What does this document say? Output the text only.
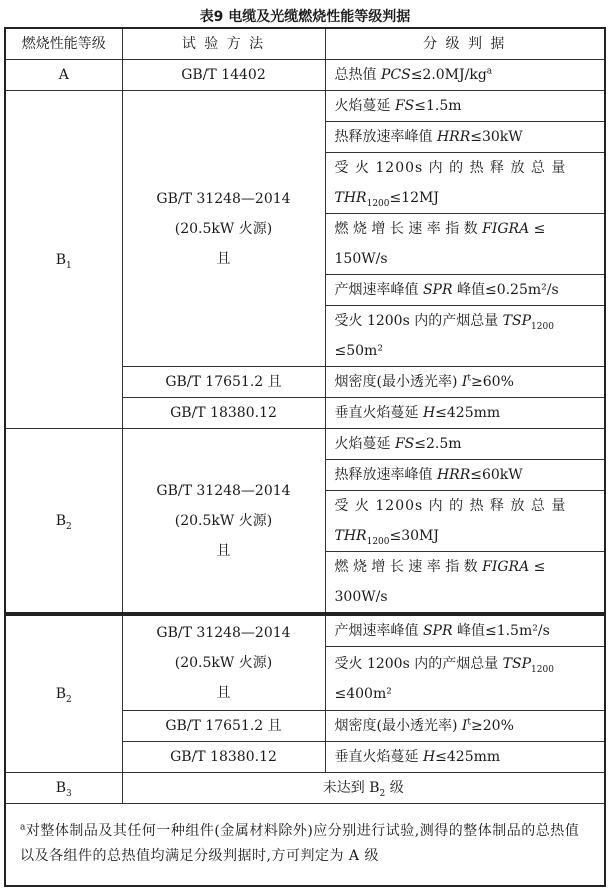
表9 电缆及光缆燃烧性能等级判据
燃烧性能等级	试 验 方 法	分 级 判 据
A	GB/T 14402	总热值 $PCS\le 2.0MJ/kg^a$
$B_1$	GB/T 31248—2014
(20.5kW 火源)
且	火焰蔓延 FS≤1.5m
		热释放速率峰值 HRR≤30kW

		受 火 1200s 内 的 热 释 放 总 量
$THR_{1200}\le 12MJ$

		燃 烧 增 长 速 率 指 数 FIGRA ≤
150W/s

		产烟速率峰值 SPR 峰值≤0.25m²/s

		受火 1200s 内的产烟总量 $TSP_{1200}$
≤50m²

	GB/T 17651.2 且	烟密度(最小透光率) $I^t\ge 60\%$
	GB/T 18380.12	垂直火焰蔓延 H≤425mm
$B_2$	GB/T 31248—2014
(20.5kW 火源)
且	火焰蔓延 FS≤2.5m
		热释放速率峰值 HRR≤60kW

		受 火 1200s 内 的 热 释 放 总 量
$THR_{1200}\le 30MJ$

		燃 烧 增 长 速 率 指 数 FIGRA ≤
300W/s
$B_2$	GB/T 31248—2014
(20.5kW 火源)
且	产烟速率峰值 SPR 峰值≤1.5m²/s

		受火 1200s 内的产烟总量 $TSP_{1200}$
≤400m²

	GB/T 17651.2 且	烟密度(最小透光率) $I^t\ge 20\%$
	GB/T 18380.12	垂直火焰蔓延 H≤425mm
$B_3$	未达到 $B_2$ 级	
$^a$对整体制品及其任何一种组件(金属材料除外)应分别进行试验,测得的整体制品的总热值以及各组件的总热值均满足分级判据时,方可判定为 A 级		
